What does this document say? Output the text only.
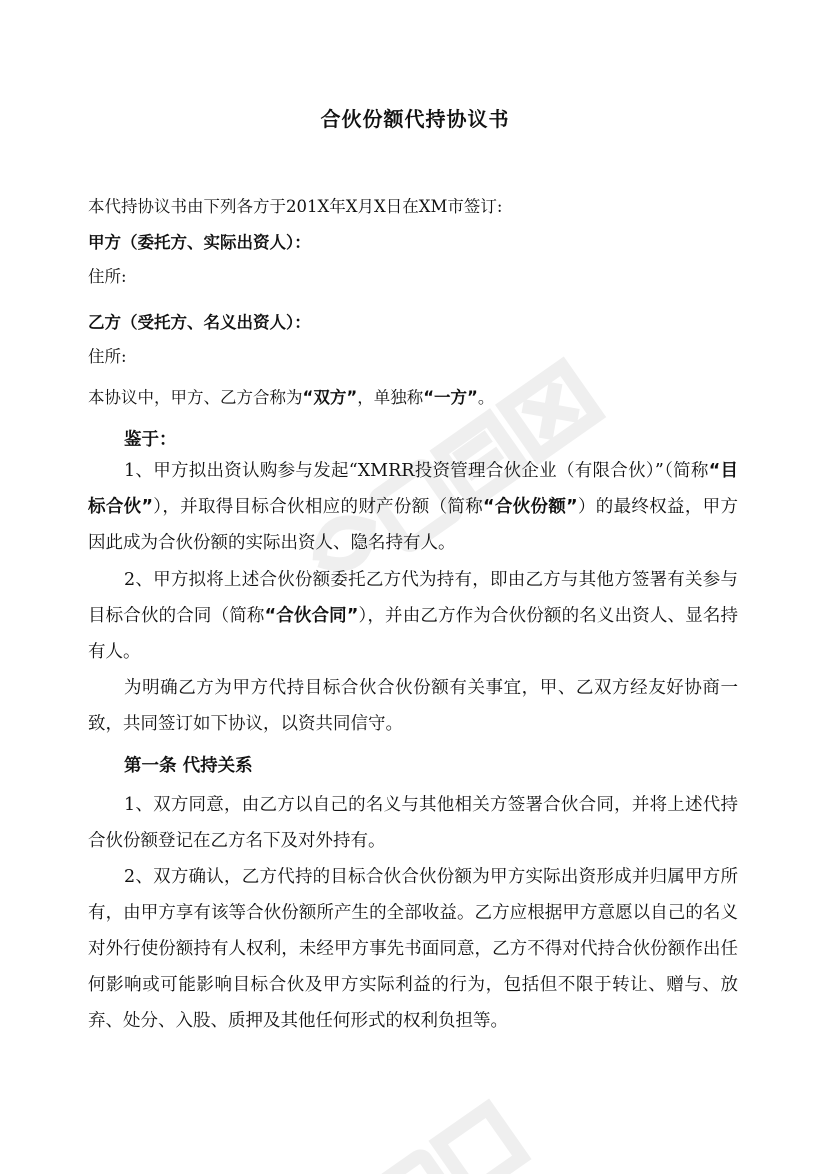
合伙份额代持协议书
本代持协议书由下列各方于201X年X月X日在XM市签订:
甲方（委托方、实际出资人）：
住所:
乙方（受托方、名义出资人）：
住所:
本协议中，甲方、乙方合称为“双方”，单独称“一方”。
鉴于：
1、甲方拟出资认购参与发起“XMRR投资管理合伙企业（有限合伙）”（简称“目标合伙”），并取得目标合伙相应的财产份额（简称“合伙份额”）的最终权益，甲方因此成为合伙份额的实际出资人、隐名持有人。
2、甲方拟将上述合伙份额委托乙方代为持有，即由乙方与其他方签署有关参与目标合伙的合同（简称“合伙合同”），并由乙方作为合伙份额的名义出资人、显名持有人。
为明确乙方为甲方代持目标合伙合伙份额有关事宜，甲、乙双方经友好协商一致，共同签订如下协议，以资共同信守。
第一条 代持关系
1、双方同意，由乙方以自己的名义与其他相关方签署合伙合同，并将上述代持合伙份额登记在乙方名下及对外持有。
2、双方确认，乙方代持的目标合伙合伙份额为甲方实际出资形成并归属甲方所有，由甲方享有该等合伙份额所产生的全部收益。乙方应根据甲方意愿以自己的名义对外行使份额持有人权利，未经甲方事先书面同意，乙方不得对代持合伙份额作出任何影响或可能影响目标合伙及甲方实际利益的行为，包括但不限于转让、赠与、放弃、处分、入股、质押及其他任何形式的权利负担等。
